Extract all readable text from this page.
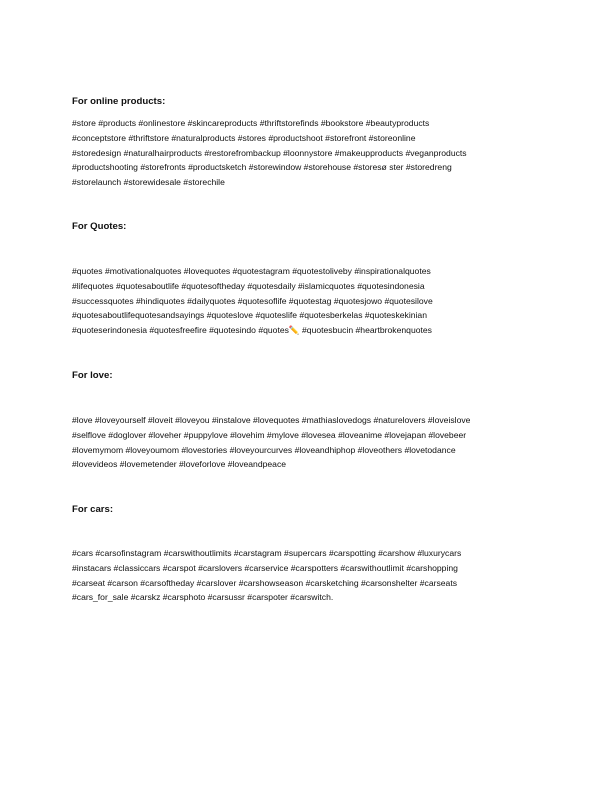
For online products:
#store #products #onlinestore #skincareproducts #thriftstorefinds #bookstore #beautyproducts
#conceptstore #thriftstore #naturalproducts #stores #productshoot #storefront #storeonline
#storedesign #naturalhairproducts #restorefrombackup #loonnystore #makeupproducts #veganproducts
#productshooting #storefronts #productsketch #storewindow #storehouse #storesø ster #storedreng
#storelaunch #storewidesale #storechile
For Quotes:
#quotes #motivationalquotes #lovequotes #quotestagram #quotestoliveby #inspirationalquotes
#lifequotes #quotesaboutlife #quotesoftheday #quotesdaily #islamicquotes #quotesindonesia
#successquotes #hindiquotes #dailyquotes #quotesoflife #quotestag #quotesjowo #quotesilove
#quotesaboutlifequotesandsayings #quoteslove #quoteslife #quotesberkelas #quoteskekinian
#quoteserindonesia #quotesfreefire #quotesindo #quotes✏️ #quotesbucin #heartbrokenquotes
For love:
#love #loveyourself #loveit #loveyou #instalove #lovequotes #mathiaslovedogs #naturelovers #loveislove
#selflove #doglover #loveher #puppylove #lovehim #mylove #lovesea #loveanime #lovejapan #lovebeer
#lovemymom #loveyoumom #lovestories #loveyourcurves #loveandhiphop #loveothers #lovetodance
#lovevideos #lovemetender #loveforlove #loveandpeace
For cars:
#cars #carsofinstagram #carswithoutlimits #carstagram #supercars #carspotting #carshow #luxurycars
#instacars #classiccars #carspot #carslovers #carservice #carspotters #carswithoutlimit #carshopping
#carseat #carson #carsoftheday #carslover #carshowseason #carsketching #carsonshelter #carseats
#cars_for_sale #carskz #carsphoto #carsussr #carspoter #carswitch.
